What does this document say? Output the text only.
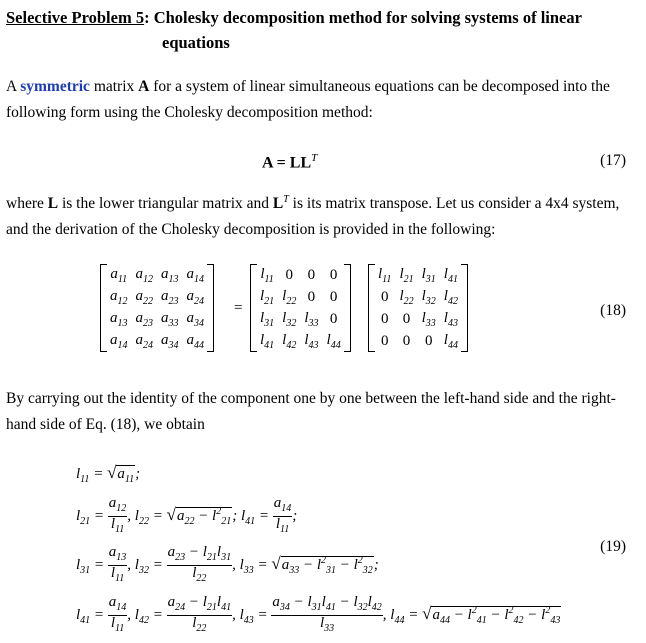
Selective Problem 5: Cholesky decomposition method for solving systems of linear
equations
A symmetric matrix A for a system of linear simultaneous equations can be decomposed into the following form using the Cholesky decomposition method:
$A = LL^T$	(17)
where L is the lower triangular matrix and $L^T$ is its matrix transpose. Let us consider a 4x4 system, and the derivation of the Cholesky decomposition is provided in the following:
$a_{11}$	$a_{12}$	$a_{13}$	$a_{14}$
$a_{12}$	$a_{22}$	$a_{23}$	$a_{24}$
$a_{13}$	$a_{23}$	$a_{33}$	$a_{34}$
$a_{14}$	$a_{24}$	$a_{34}$	$a_{44}$
=
$l_{11}$	0	0	0
$l_{21}$	$l_{22}$	0	0
$l_{31}$	$l_{32}$	$l_{33}$	0
$l_{41}$	$l_{42}$	$l_{43}$	$l_{44}$
$l_{11}$	$l_{21}$	$l_{31}$	$l_{41}$
0	$l_{22}$	$l_{32}$	$l_{42}$
0	0	$l_{33}$	$l_{43}$
0	0	0	$l_{44}$
(18)
By carrying out the identity of the component one by one between the left-hand side and the right-hand side of Eq. (18), we obtain
$l_{11} = √a_{11}$;
$l_{21} = \frac{a_{12}}{l_{11}}$ , $l_{22} = √a_{22} - l^2_{21}$; $l_{41} = \frac{a_{14}}{l_{11}}$ ;
$l_{31} = \frac{a_{13}}{l_{11}}$ , $l_{32} = \frac{a_{23} - l_{21}l_{31}}{l_{22}}$ , $l_{33} = √a_{33} - l^2_{31} - l^2_{32}$;
(19)
$l_{41} = \frac{a_{14}}{l_{11}}$ , $l_{42} = \frac{a_{24} - l_{21}l_{41}}{l_{22}}$ , $l_{43} = \frac{a_{34} - l_{31}l_{41} - l_{32}l_{42}}{l_{33}}$ , $l_{44} = √a_{44} - l^2_{41} - l^2_{42} - l^2_{43}$
